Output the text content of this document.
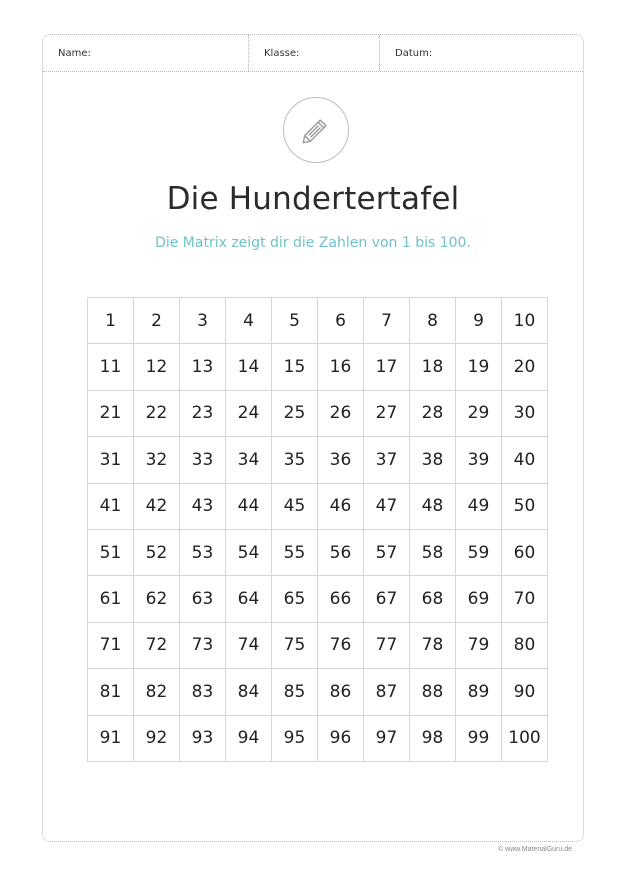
Name:	Klasse:	Datum:
Die Hundertertafel
Die Matrix zeigt dir die Zahlen von 1 bis 100.
1	2	3	4	5	6	7	8	9	10
11	12	13	14	15	16	17	18	19	20
21	22	23	24	25	26	27	28	29	30
31	32	33	34	35	36	37	38	39	40
41	42	43	44	45	46	47	48	49	50
51	52	53	54	55	56	57	58	59	60
61	62	63	64	65	66	67	68	69	70
71	72	73	74	75	76	77	78	79	80
81	82	83	84	85	86	87	88	89	90
91	92	93	94	95	96	97	98	99	100
© www.MaterialGuru.de
